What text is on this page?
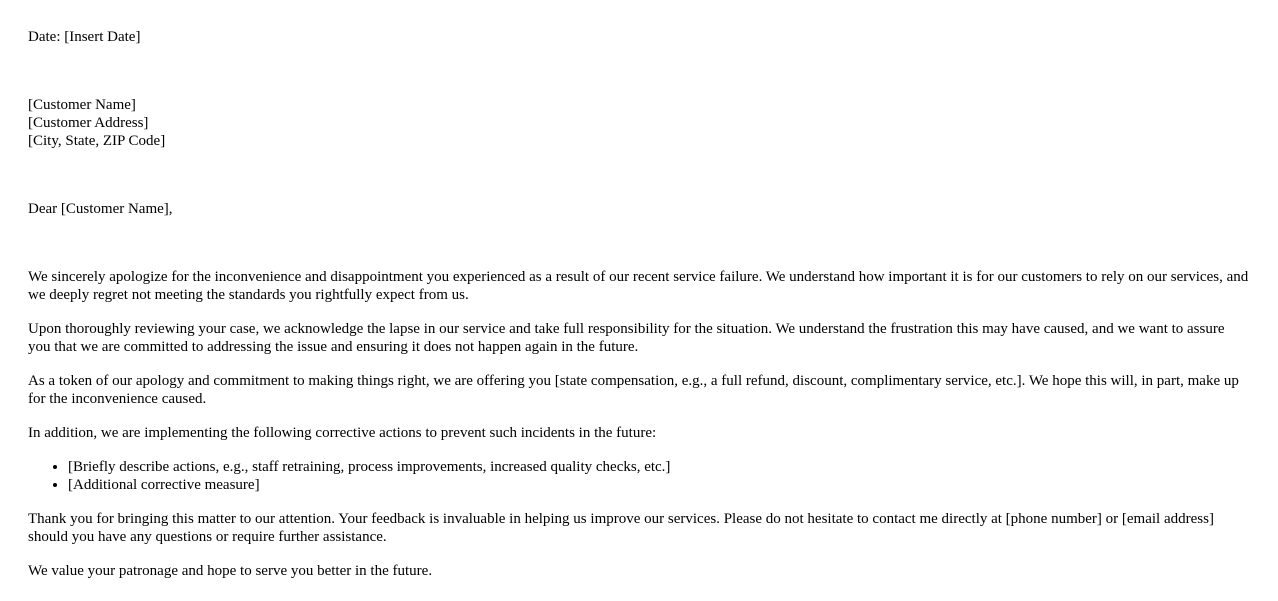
Date: [Insert Date]

[Customer Name]
[Customer Address]
[City, State, ZIP Code]

Dear [Customer Name],

We sincerely apologize for the inconvenience and disappointment you experienced as a result of our recent service failure. We understand how important it is for our customers to rely on our services, and we deeply regret not meeting the standards you rightfully expect from us.

Upon thoroughly reviewing your case, we acknowledge the lapse in our service and take full responsibility for the situation. We understand the frustration this may have caused, and we want to assure you that we are committed to addressing the issue and ensuring it does not happen again in the future.

As a token of our apology and commitment to making things right, we are offering you [state compensation, e.g., a full refund, discount, complimentary service, etc.]. We hope this will, in part, make up for the inconvenience caused.

In addition, we are implementing the following corrective actions to prevent such incidents in the future:

• [Briefly describe actions, e.g., staff retraining, process improvements, increased quality checks, etc.]
• [Additional corrective measure]

Thank you for bringing this matter to our attention. Your feedback is invaluable in helping us improve our services. Please do not hesitate to contact me directly at [phone number] or [email address] should you have any questions or require further assistance.

We value your patronage and hope to serve you better in the future.
